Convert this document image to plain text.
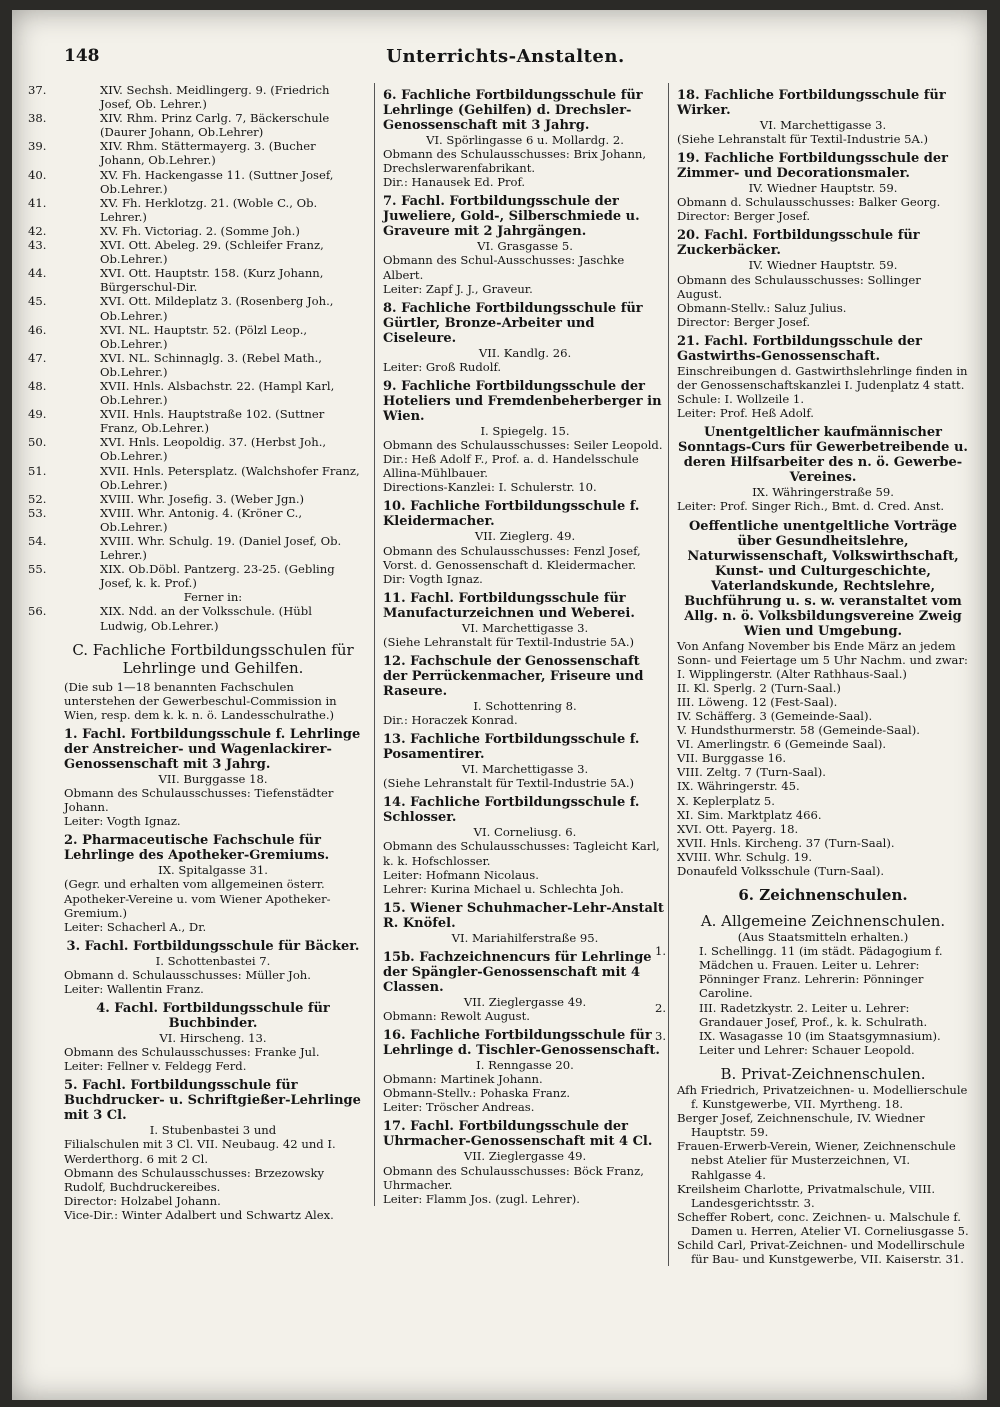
148	Unterrichts-Anstalten.

37.	XIV. Sechsh. Meidlingerg. 9. (Friedrich Josef, Ob. Lehrer.)

38.	XIV. Rhm. Prinz Carlg. 7, Bäckerschule (Daurer Johann, Ob.Lehrer)

39.	XIV. Rhm. Stättermayerg. 3. (Bucher Johann, Ob.Lehrer.)

40.	XV. Fh. Hackengasse 11. (Suttner Josef, Ob.Lehrer.)

41.	XV. Fh. Herklotzg. 21. (Woble C., Ob. Lehrer.)

42.	XV. Fh. Victoriag. 2. (Somme Joh.)

43.	XVI. Ott. Abeleg. 29. (Schleifer Franz, Ob.Lehrer.)

44.	XVI. Ott. Hauptstr. 158. (Kurz Johann, Bürgerschul-Dir.

45.	XVI. Ott. Mildeplatz 3. (Rosenberg Joh., Ob.Lehrer.)

46.	XVI. NL. Hauptstr. 52. (Pölzl Leop., Ob.Lehrer.)

47.	XVI. NL. Schinnaglg. 3. (Rebel Math., Ob.Lehrer.)

48.	XVII. Hnls. Alsbachstr. 22. (Hampl Karl, Ob.Lehrer.)

49.	XVII. Hnls. Hauptstraße 102. (Suttner Franz, Ob.Lehrer.)

50.	XVI. Hnls. Leopoldig. 37. (Herbst Joh., Ob.Lehrer.)

51.	XVII. Hnls. Petersplatz. (Walchshofer Franz, Ob.Lehrer.)

52.	XVIII. Whr. Josefig. 3. (Weber Jgn.)

53.	XVIII. Whr. Antonig. 4. (Kröner C., Ob.Lehrer.)

54.	XVIII. Whr. Schulg. 19. (Daniel Josef, Ob. Lehrer.)

55.	XIX. Ob.Döbl. Pantzerg. 23-25. (Gebling Josef, k. k. Prof.)

Ferner in:

56.	XIX. Ndd. an der Volksschule. (Hübl Ludwig, Ob.Lehrer.)

C. Fachliche Fortbildungsschulen für Lehrlinge und Gehilfen.

(Die sub 1—18 benannten Fachschulen unterstehen der Gewerbeschul-Commission in Wien, resp. dem k. k. n. ö. Landesschulrathe.)

1. Fachl. Fortbildungsschule f. Lehrlinge der Anstreicher- und Wagenlackirer-Genossenschaft mit 3 Jahrg.

VII. Burggasse 18.

Obmann des Schulausschusses: Tiefenstädter Johann.

Leiter: Vogth Ignaz.

2. Pharmaceutische Fachschule für Lehrlinge des Apotheker-Gremiums.

IX. Spitalgasse 31.

(Gegr. und erhalten vom allgemeinen österr. Apotheker-Vereine u. vom Wiener Apotheker-Gremium.)

Leiter: Schacherl A., Dr.

3. Fachl. Fortbildungsschule für Bäcker.

I. Schottenbastei 7.

Obmann d. Schulausschusses: Müller Joh.

Leiter: Wallentin Franz.

4. Fachl. Fortbildungsschule für Buchbinder.

VI. Hirscheng. 13.

Obmann des Schulausschusses: Franke Jul.

Leiter: Fellner v. Feldegg Ferd.

5. Fachl. Fortbildungsschule für Buchdrucker- u. Schriftgießer-Lehrlinge mit 3 Cl.

I. Stubenbastei 3 und

Filialschulen mit 3 Cl. VII. Neubaug. 42 und I. Werderthorg. 6 mit 2 Cl.

Obmann des Schulausschusses: Brzezowsky Rudolf, Buchdruckereibes.

Director: Holzabel Johann.

Vice-Dir.: Winter Adalbert und Schwartz Alex.

6. Fachliche Fortbildungsschule für Lehrlinge (Gehilfen) d. Drechsler-Genossenschaft mit 3 Jahrg.

VI. Spörlingasse 6 u. Mollardg. 2.

Obmann des Schulausschusses: Brix Johann, Drechslerwarenfabrikant.

Dir.: Hanausek Ed. Prof.

7. Fachl. Fortbildungsschule der Juweliere, Gold-, Silberschmiede u. Graveure mit 2 Jahrgängen.

VI. Grasgasse 5.

Obmann des Schul-Ausschusses: Jaschke Albert.

Leiter: Zapf J. J., Graveur.

8. Fachliche Fortbildungsschule für Gürtler, Bronze-Arbeiter und Ciseleure.

VII. Kandlg. 26.

Leiter: Groß Rudolf.

9. Fachliche Fortbildungsschule der Hoteliers und Fremdenbeherberger in Wien.

I. Spiegelg. 15.

Obmann des Schulausschusses: Seiler Leopold.

Dir.: Heß Adolf F., Prof. a. d. Handelsschule Allina-Mühlbauer.

Directions-Kanzlei: I. Schulerstr. 10.

10. Fachliche Fortbildungsschule f. Kleidermacher.

VII. Zieglerg. 49.

Obmann des Schulausschusses: Fenzl Josef, Vorst. d. Genossenschaft d. Kleidermacher.

Dir: Vogth Ignaz.

11. Fachl. Fortbildungsschule für Manufacturzeichnen und Weberei.

VI. Marchettigasse 3.

(Siehe Lehranstalt für Textil-Industrie 5A.)

12. Fachschule der Genossenschaft der Perrückenmacher, Friseure und Raseure.

I. Schottenring 8.

Dir.: Horaczek Konrad.

13. Fachliche Fortbildungsschule f. Posamentirer.

VI. Marchettigasse 3.

(Siehe Lehranstalt für Textil-Industrie 5A.)

14. Fachliche Fortbildungsschule f. Schlosser.

VI. Corneliusg. 6.

Obmann des Schulausschusses: Tagleicht Karl, k. k. Hofschlosser.

Leiter: Hofmann Nicolaus.

Lehrer: Kurina Michael u. Schlechta Joh.

15. Wiener Schuhmacher-Lehr-Anstalt R. Knöfel.

VI. Mariahilferstraße 95.

15b. Fachzeichnencurs für Lehrlinge der Spängler-Genossenschaft mit 4 Classen.

VII. Zieglergasse 49.

Obmann: Rewolt August.

16. Fachliche Fortbildungsschule für Lehrlinge d. Tischler-Genossenschaft.

I. Renngasse 20.

Obmann: Martinek Johann.

Obmann-Stellv.: Pohaska Franz.

Leiter: Tröscher Andreas.

17. Fachl. Fortbildungsschule der Uhrmacher-Genossenschaft mit 4 Cl.

VII. Zieglergasse 49.

Obmann des Schulausschusses: Böck Franz, Uhrmacher.

Leiter: Flamm Jos. (zugl. Lehrer).

18. Fachliche Fortbildungsschule für Wirker.

VI. Marchettigasse 3.

(Siehe Lehranstalt für Textil-Industrie 5A.)

19. Fachliche Fortbildungsschule der Zimmer- und Decorationsmaler.

IV. Wiedner Hauptstr. 59.

Obmann d. Schulausschusses: Balker Georg.

Director: Berger Josef.

20. Fachl. Fortbildungsschule für Zuckerbäcker.

IV. Wiedner Hauptstr. 59.

Obmann des Schulausschusses: Sollinger August.

Obmann-Stellv.: Saluz Julius.

Director: Berger Josef.

21. Fachl. Fortbildungsschule der Gastwirths-Genossenschaft.

Einschreibungen d. Gastwirthslehrlinge finden in der Genossenschaftskanzlei I. Judenplatz 4 statt. Schule: I. Wollzeile 1.

Leiter: Prof. Heß Adolf.

Unentgeltlicher kaufmännischer Sonntags-Curs für Gewerbetreibende u. deren Hilfsarbeiter des n. ö. Gewerbe-Vereines.

IX. Währingerstraße 59.

Leiter: Prof. Singer Rich., Bmt. d. Cred. Anst.

Oeffentliche unentgeltliche Vorträge über Gesundheitslehre, Naturwissenschaft, Volkswirthschaft, Kunst- und Culturgeschichte, Vaterlandskunde, Rechtslehre, Buchführung u. s. w. veranstaltet vom Allg. n. ö. Volksbildungsvereine Zweig Wien und Umgebung.

Von Anfang November bis Ende März an jedem Sonn- und Feiertage um 5 Uhr Nachm. und zwar:

I. Wipplingerstr. (Alter Rathhaus-Saal.)

II. Kl. Sperlg. 2 (Turn-Saal.)

III. Löweng. 12 (Fest-Saal).

IV. Schäfferg. 3 (Gemeinde-Saal).

V. Hundsthurmerstr. 58 (Gemeinde-Saal).

VI. Amerlingstr. 6 (Gemeinde Saal).

VII. Burggasse 16.

VIII. Zeltg. 7 (Turn-Saal).

IX. Währingerstr. 45.

X. Keplerplatz 5.

XI. Sim. Marktplatz 466.

XVI. Ott. Payerg. 18.

XVII. Hnls. Kircheng. 37 (Turn-Saal).

XVIII. Whr. Schulg. 19.

Donaufeld Volksschule (Turn-Saal).

6. Zeichnenschulen.

A. Allgemeine Zeichnenschulen.

(Aus Staatsmitteln erhalten.)

1.	I. Schellingg. 11 (im städt. Pädagogium f. Mädchen u. Frauen. Leiter u. Lehrer: Pönninger Franz. Lehrerin: Pönninger Caroline.

2.	III. Radetzkystr. 2. Leiter u. Lehrer: Grandauer Josef, Prof., k. k. Schulrath.

3.	IX. Wasagasse 10 (im Staatsgymnasium). Leiter und Lehrer: Schauer Leopold.

B. Privat-Zeichnenschulen.

Afh Friedrich, Privatzeichnen- u. Modellierschule f. Kunstgewerbe, VII. Myrtheng. 18.

Berger Josef, Zeichnenschule, IV. Wiedner Hauptstr. 59.

Frauen-Erwerb-Verein, Wiener, Zeichnenschule nebst Atelier für Musterzeichnen, VI. Rahlgasse 4.

Kreilsheim Charlotte, Privatmalschule, VIII. Landesgerichtsstr. 3.

Scheffer Robert, conc. Zeichnen- u. Malschule f. Damen u. Herren, Atelier VI. Corneliusgasse 5.

Schild Carl, Privat-Zeichnen- und Modellirschule für Bau- und Kunstgewerbe, VII. Kaiserstr. 31.
